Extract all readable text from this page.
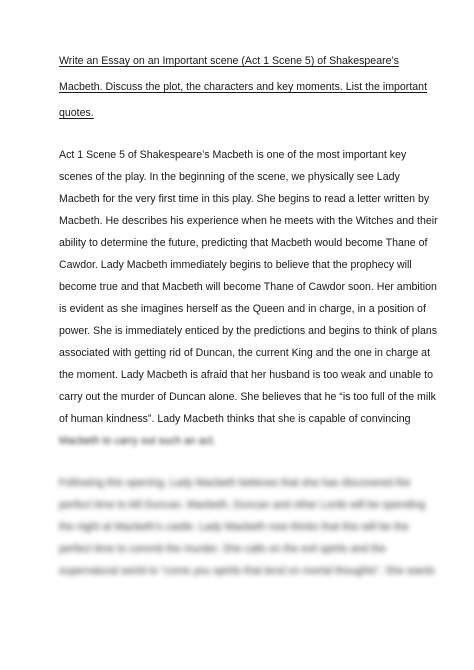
Write an Essay on an Important scene (Act 1 Scene 5) of Shakespeare’s
Macbeth. Discuss the plot, the characters and key moments. List the important
quotes.
Act 1 Scene 5 of Shakespeare’s Macbeth is one of the most important key
scenes of the play. In the beginning of the scene, we physically see Lady
Macbeth for the very first time in this play. She begins to read a letter written by
Macbeth. He describes his experience when he meets with the Witches and their
ability to determine the future, predicting that Macbeth would become Thane of
Cawdor. Lady Macbeth immediately begins to believe that the prophecy will
become true and that Macbeth will become Thane of Cawdor soon. Her ambition
is evident as she imagines herself as the Queen and in charge, in a position of
power. She is immediately enticed by the predictions and begins to think of plans
associated with getting rid of Duncan, the current King and the one in charge at
the moment. Lady Macbeth is afraid that her husband is too weak and unable to
carry out the murder of Duncan alone. She believes that he “is too full of the milk
of human kindness”. Lady Macbeth thinks that she is capable of convincing
Macbeth to carry out such an act.
Following this opening, Lady Macbeth believes that she has discovered the
perfect time to kill Duncan. Macbeth, Duncan and other Lords will be spending
the night at Macbeth’s castle. Lady Macbeth now thinks that this will be the
perfect time to commit the murder. She calls on the evil spirits and the
supernatural world to “come you spirits that tend on mortal thoughts”. She wants
